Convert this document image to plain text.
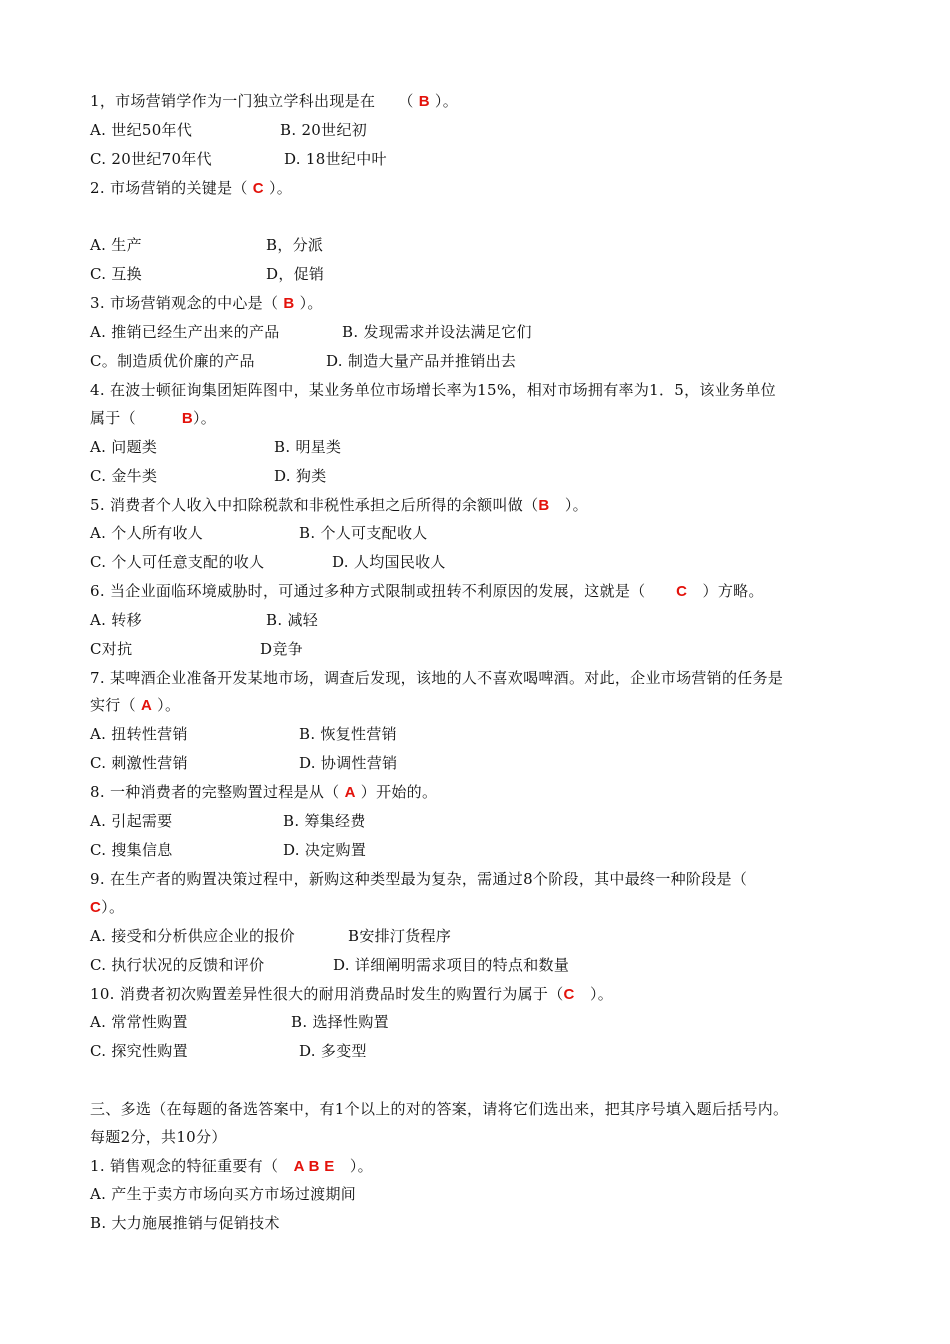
1，市场营销学作为一门独立学科出现是在　　（ B ）。
A. 世纪50年代	B. 20世纪初
C. 20世纪70年代	D. 18世纪中叶
2. 市场营销的关键是（ C ）。
A. 生产	B，分派
C. 互换	D，促销
3. 市场营销观念的中心是（ B ）。
A. 推销已经生产出来的产品	B. 发现需求并设法满足它们
C。制造质优价廉的产品	D. 制造大量产品并推销出去
4. 在波士顿征询集团矩阵图中，某业务单位市场增长率为15%，相对市场拥有率为1．5，该业务单位
属于（　　　B）。
A. 问题类	B. 明星类
C. 金牛类	D. 狗类
5. 消费者个人收入中扣除税款和非税性承担之后所得的余额叫做（B　）。
A. 个人所有收人	B. 个人可支配收人
C. 个人可任意支配的收人	D. 人均国民收人
6. 当企业面临环境威胁时，可通过多种方式限制或扭转不利原因的发展，这就是（　　C　）方略。
A. 转移	B. 减轻
C对抗	D竞争
7. 某啤酒企业准备开发某地市场，调查后发现，该地的人不喜欢喝啤酒。对此，企业市场营销的任务是
实行（ A ）。
A. 扭转性营销	B. 恢复性营销
C. 刺激性营销	D. 协调性营销
8. 一种消费者的完整购置过程是从（ A ）开始的。
A. 引起需要	B. 筹集经费
C. 搜集信息	D. 决定购置
9. 在生产者的购置决策过程中，新购这种类型最为复杂，需通过8个阶段，其中最终一种阶段是（
C）。
A. 接受和分析供应企业的报价	B安排汀货程序
C. 执行状况的反馈和评价	D. 详细阐明需求项目的特点和数量
10. 消费者初次购置差异性很大的耐用消费品时发生的购置行为属于（C　）。
A. 常常性购置	B. 选择性购置
C. 探究性购置	D. 多变型
三、多选（在每题的备选答案中，有1个以上的对的答案，请将它们选出来，把其序号填入题后括号内。
每题2分，共10分）
1. 销售观念的特征重要有（　A B E　）。
A. 产生于卖方市场向买方市场过渡期间
B. 大力施展推销与促销技术
